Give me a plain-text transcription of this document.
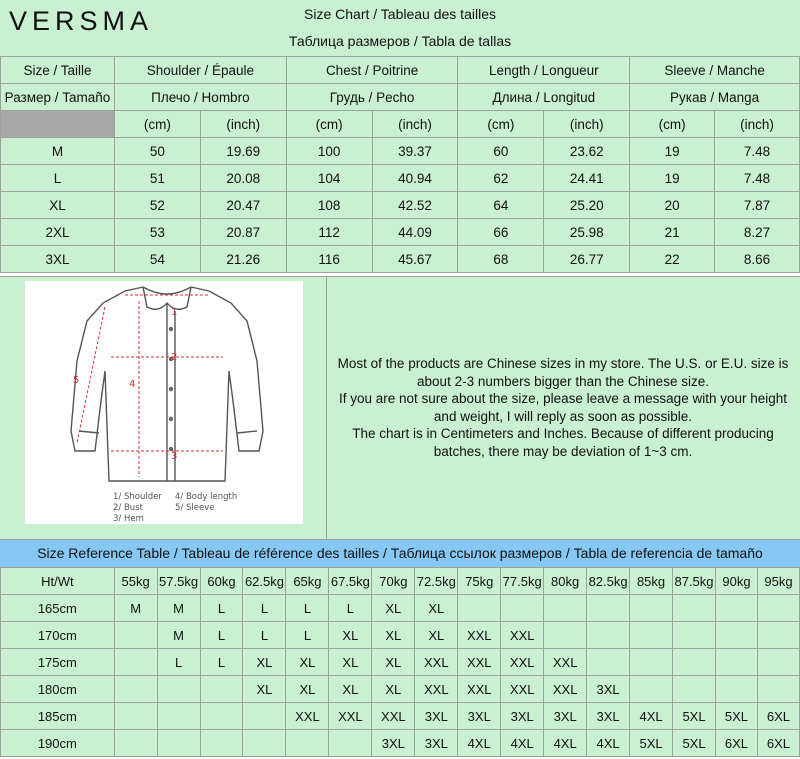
VERSMA	Size Chart / Tableau des tailles
Таблица размеров / Tabla de tallas
Size / Taille	Shoulder / Épaule		Chest / Poitrine		Length / Longueur		Sleeve / Manche	
Размер / Tamaño	Плечо / Hombro		Грудь / Pecho		Длина / Longitud		Рукав / Manga	
	(cm)	(inch)	(cm)	(inch)	(cm)	(inch)	(cm)	(inch)
M	50	19.69	100	39.37	60	23.62	19	7.48
L	51	20.08	104	40.94	62	24.41	19	7.48
XL	52	20.47	108	42.52	64	25.20	20	7.87
2XL	53	20.87	112	44.09	66	25.98	21	8.27
3XL	54	21.26	116	45.67	68	26.77	22	8.66
1
2
3
4
5
1/ Shoulder
2/ Bust
3/ Hem
4/ Body length
5/ Sleeve
Most of the products are Chinese sizes in my store. The U.S. or E.U. size is
about 2-3 numbers bigger than the Chinese size.
If you are not sure about the size, please leave a message with your height
and weight, I will reply as soon as possible.
The chart is in Centimeters and Inches. Because of different producing
batches, there may be deviation of 1~3 cm.
Size Reference Table / Tableau de référence des tailles / Таблица ссылок размеров / Tabla de referencia de tamaño
Ht/Wt	55kg	57.5kg	60kg	62.5kg	65kg	67.5kg	70kg	72.5kg	75kg	77.5kg	80kg	82.5kg	85kg	87.5kg	90kg	95kg
165cm	M	M	L	L	L	L	XL	XL								
170cm		M	L	L	L	XL	XL	XL	XXL	XXL						
175cm		L	L	XL	XL	XL	XL	XXL	XXL	XXL	XXL					
180cm				XL	XL	XL	XL	XXL	XXL	XXL	XXL	3XL				
185cm					XXL	XXL	XXL	3XL	3XL	3XL	3XL	3XL	4XL	5XL	5XL	6XL
190cm							3XL	3XL	4XL	4XL	4XL	4XL	5XL	5XL	6XL	6XL
